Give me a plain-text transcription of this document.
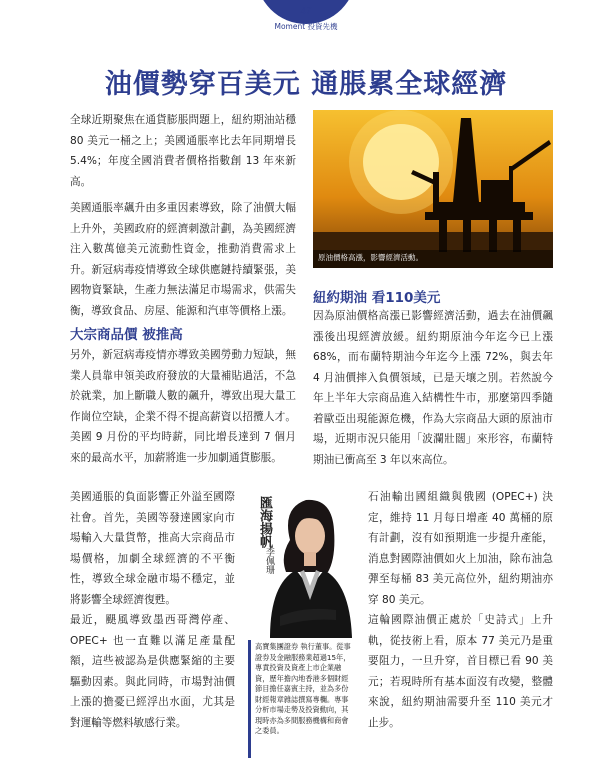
47
Moment 投資先機
油價勢穿百美元 通脹累全球經濟

全球近期聚焦在通貨膨脹問題上，紐約期油站穩 80 美元一桶之上；美國通脹率比去年同期增長 5.4%；年度全國消費者價格指數創 13 年來新高。

美國通脹率飆升由多重因素導致，除了油價大幅上升外，美國政府的經濟刺激計劃，為美國經濟注入數萬億美元流動性資金，推動消費需求上升。新冠病毒疫情導致全球供應鏈持續緊張，美國物資緊缺，生產力無法滿足市場需求，供需失衡，導致食品、房屋、能源和汽車等價格上漲。

大宗商品價 被推高

另外，新冠病毒疫情亦導致美國勞動力短缺，無業人員靠申領美政府發放的大量補貼過活，不急於就業，加上斷職人數的飆升，導致出現大量工作崗位空缺，企業不得不提高薪資以招攬人才。美國 9 月份的平均時薪，同比增長達到 7 個月來的最高水平，加薪將進一步加劇通貨膨脹。

美國通脹的負面影響正外溢至國際社會。首先，美國等發達國家向市場輸入大量貨幣，推高大宗商品市場價格，加劇全球經濟的不平衡性，導致全球金融市場不穩定，並將影響全球經濟復甦。

最近，颶風導致墨西哥灣停產、OPEC+ 也一直難以滿足產量配額，這些被認為是供應緊縮的主要驅動因素。與此同時，市場對油價上漲的擔憂已經浮出水面，尤其是對運輸等燃料敏感行業。

原油價格高漲，影響經濟活動。
紐約期油 看110美元

因為原油價格高漲已影響經濟活動，過去在油價飆漲後出現經濟放緩。紐約期原油今年迄今已上漲 68%，而布蘭特期油今年迄今上漲 72%，與去年 4 月油價摔入負價領域，已是天壤之別。若然說今年上半年大宗商品進入結構性牛市，那麼第四季隨着歐亞出現能源危機，作為大宗商品大頭的原油市場，近期市況只能用「波瀾壯闊」來形容，布蘭特期油已衝高至 3 年以來高位。

石油輸出國組織與俄國 (OPEC+) 決定，維持 11 月每日增產 40 萬桶的原有計劃，沒有如預期進一步提升產能，消息對國際油價如火上加油，除布油急彈至每桶 83 美元高位外，紐約期油亦穿 80 美元。

這輪國際油價正處於「史詩式」上升軌，從技術上看，原本 77 美元乃是重要阻力，一旦升穿，首目標已看 90 美元；若現時所有基本面沒有改變，整體來說，紐約期油需要升至 110 美元才止步。

匯海揚帆
李佩珊

高寶集團證券 執行董事。從事證券及金融服務業超過15年，專責投資及資產上市企業融資，歷年擔內地香港多個財經節目擔任嘉賓主持，並為多份財經報章雜誌撰寫專欄。專事分析市場走勢及投資動向，其現時亦為多間服務機構和商會之委員。
